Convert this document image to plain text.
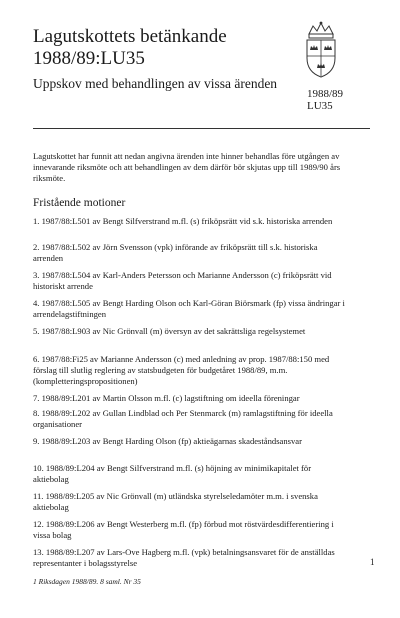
Lagutskottets betänkande
1988/89:LU35
Uppskov med behandlingen av vissa ärenden
1988/89
LU35
Lagutskottet har funnit att nedan angivna ärenden inte hinner behandlas före utgången av innevarande riksmöte och att behandlingen av dem därför bör skjutas upp till 1989/90 års riksmöte.
Fristående motioner
1. 1987/88:L501 av Bengt Silfverstrand m.fl. (s) friköpsrätt vid s.k. historiska arrenden
2. 1987/88:L502 av Jörn Svensson (vpk) införande av friköpsrätt till s.k. historiska arrenden
3. 1987/88:L504 av Karl-Anders Petersson och Marianne Andersson (c) friköpsrätt vid historiskt arrende
4. 1987/88:L505 av Bengt Harding Olson och Karl-Göran Biörsmark (fp) vissa ändringar i arrendelagstiftningen
5. 1987/88:L903 av Nic Grönvall (m) översyn av det sakrättsliga regelsystemet
6. 1987/88:Fi25 av Marianne Andersson (c) med anledning av prop. 1987/88:150 med förslag till slutlig reglering av statsbudgeten för budgetåret 1988/89, m.m. (kompletteringspropositionen)
7. 1988/89:L201 av Martin Olsson m.fl. (c) lagstiftning om ideella föreningar
8. 1988/89:L202 av Gullan Lindblad och Per Stenmarck (m) ramlagstiftning för ideella organisationer
9. 1988/89:L203 av Bengt Harding Olson (fp) aktieägarnas skadeståndsansvar
10. 1988/89:L204 av Bengt Silfverstrand m.fl. (s) höjning av minimikapitalet för aktiebolag
11. 1988/89:L205 av Nic Grönvall (m) utländska styrelseledamöter m.m. i svenska aktiebolag
12. 1988/89:L206 av Bengt Westerberg m.fl. (fp) förbud mot röstvärdesdifferentiering i vissa bolag
13. 1988/89:L207 av Lars-Ove Hagberg m.fl. (vpk) betalningsansvaret för de anställdas representanter i bolagsstyrelse	1
1 Riksdagen 1988/89. 8 saml. Nr 35
